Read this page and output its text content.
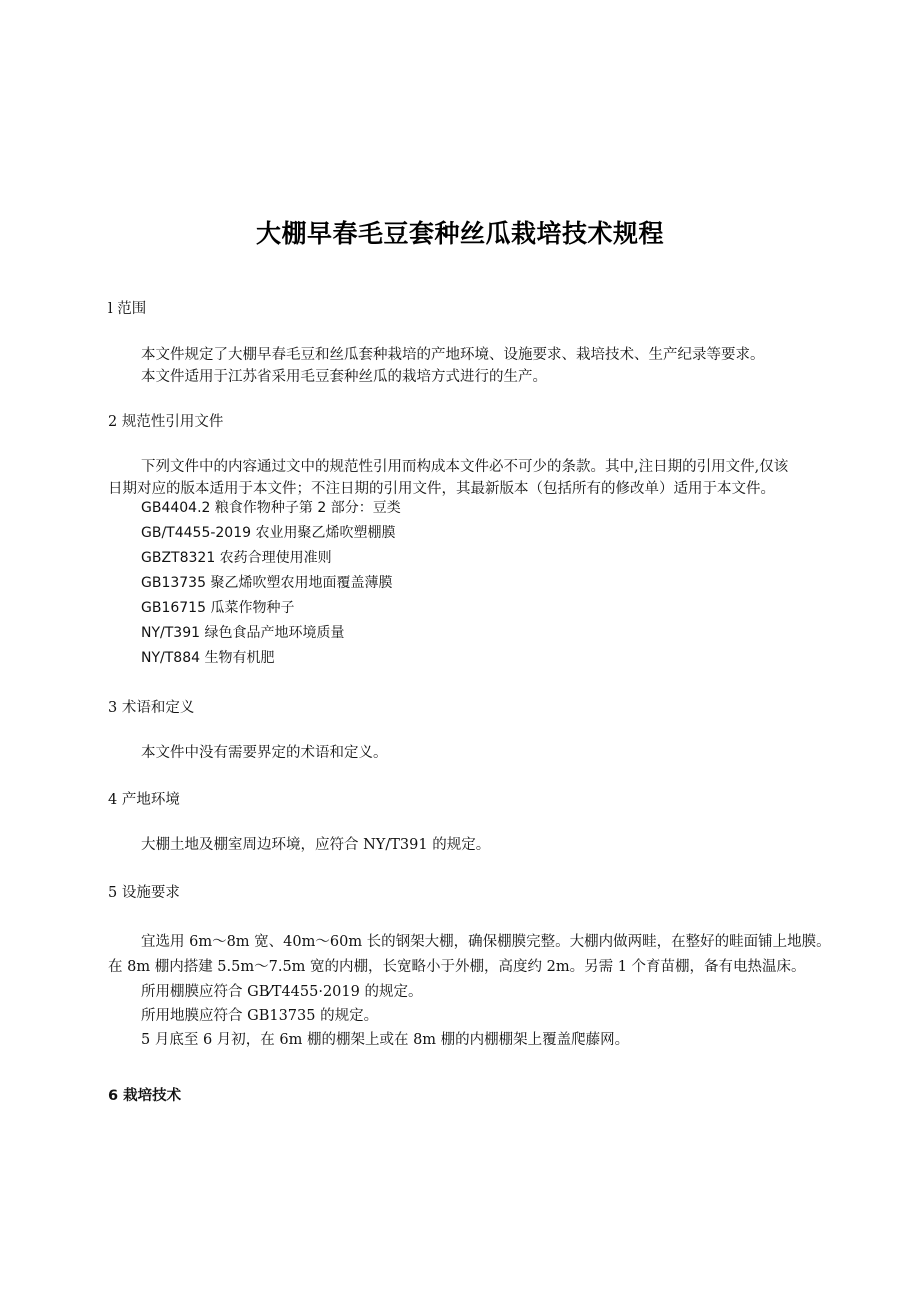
大棚早春毛豆套种丝瓜栽培技术规程
l 范围
本文件规定了大棚早春毛豆和丝瓜套种栽培的产地环境、设施要求、栽培技术、生产纪录等要求。
本文件适用于江苏省采用毛豆套种丝瓜的栽培方式进行的生产。
2 规范性引用文件
下列文件中的内容通过文中的规范性引用而构成本文件必不可少的条款。其中,注日期的引用文件,仅该
日期对应的版本适用于本文件；不注日期的引用文件，其最新版本（包括所有的修改单）适用于本文件。
GB4404.2 粮食作物种子第 2 部分：豆类
GB/T4455-2019 农业用聚乙烯吹塑棚膜
GBZT8321 农药合理使用准则
GB13735 聚乙烯吹塑农用地面覆盖薄膜
GB16715 瓜菜作物种子
NY/T391 绿色食品产地环境质量
NY/T884 生物有机肥
3 术语和定义
本文件中没有需要界定的术语和定义。
4 产地环境
大棚土地及棚室周边环境，应符合 NY/T391 的规定。
5 设施要求
宜选用 6m～8m 宽、40m～60m 长的钢架大棚，确保棚膜完整。大棚内做两畦，在整好的畦面铺上地膜。
在 8m 棚内搭建 5.5m～7.5m 宽的内棚，长宽略小于外棚，高度约 2m。另需 1 个育苗棚，备有电热温床。
所用棚膜应符合 GB⁄T4455·2019 的规定。
所用地膜应符合 GB13735 的规定。
5 月底至 6 月初，在 6m 棚的棚架上或在 8m 棚的内棚棚架上覆盖爬藤网。
6 栽培技术
